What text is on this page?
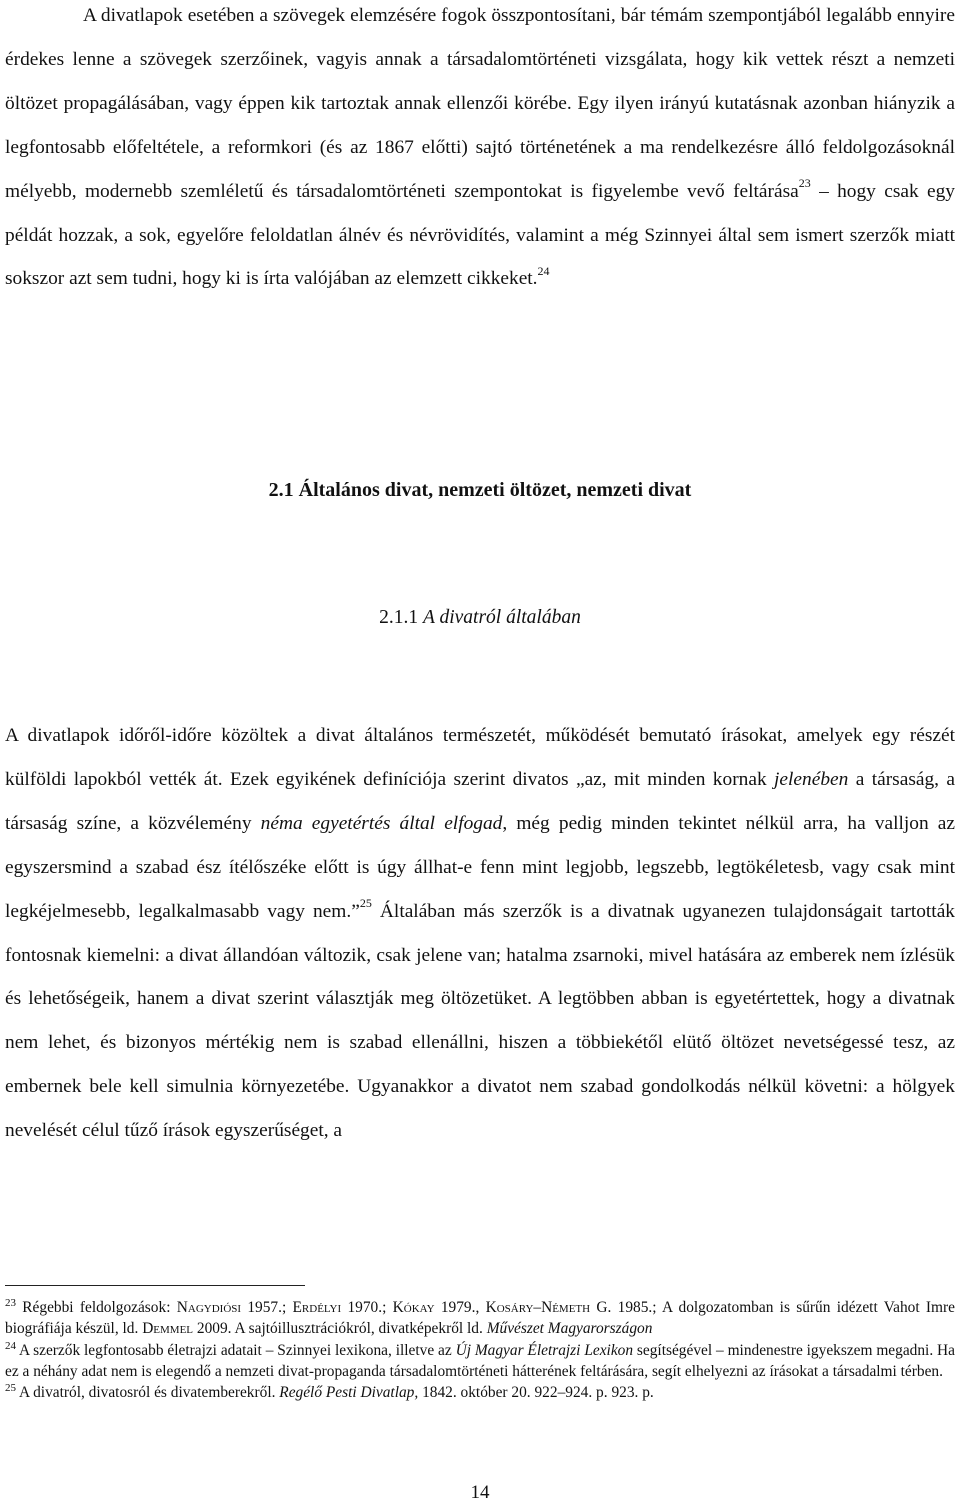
A divatlapok esetében a szövegek elemzésére fogok összpontosítani, bár témám szempontjából legalább ennyire érdekes lenne a szövegek szerzőinek, vagyis annak a társadalomtörténeti vizsgálata, hogy kik vettek részt a nemzeti öltözet propagálásában, vagy éppen kik tartoztak annak ellenzői körébe. Egy ilyen irányú kutatásnak azonban hiányzik a legfontosabb előfeltétele, a reformkori (és az 1867 előtti) sajtó történetének a ma rendelkezésre álló feldolgozásoknál mélyebb, modernebb szemléletű és társadalomtörténeti szempontokat is figyelembe vevő feltárása$^{23}$ – hogy csak egy példát hozzak, a sok, egyelőre feloldatlan álnév és névrövidítés, valamint a még Szinnyei által sem ismert szerzők miatt sokszor azt sem tudni, hogy ki is írta valójában az elemzett cikkeket.$^{24}$

2.1 Általános divat, nemzeti öltözet, nemzeti divat
2.1.1 A divatról általában

A divatlapok időről-időre közöltek a divat általános természetét, működését bemutató írásokat, amelyek egy részét külföldi lapokból vették át. Ezek egyikének definíciója szerint divatos „az, mit minden kornak jelenében a társaság, a társaság színe, a közvélemény néma egyetértés által elfogad, még pedig minden tekintet nélkül arra, ha valljon az egyszersmind a szabad ész ítélőszéke előtt is úgy állhat-e fenn mint legjobb, legszebb, legtökéletesb, vagy csak mint legkéjelmesebb, legalkalmasabb vagy nem.”$^{25}$ Általában más szerzők is a divatnak ugyanezen tulajdonságait tartották fontosnak kiemelni: a divat állandóan változik, csak jelene van; hatalma zsarnoki, mivel hatására az emberek nem ízlésük és lehetőségeik, hanem a divat szerint választják meg öltözetüket. A legtöbben abban is egyetértettek, hogy a divatnak nem lehet, és bizonyos mértékig nem is szabad ellenállni, hiszen a többiekétől elütő öltözet nevetségessé tesz, az embernek bele kell simulnia környezetébe. Ugyanakkor a divatot nem szabad gondolkodás nélkül követni: a hölgyek nevelését célul tűző írások egyszerűséget, a

$^{23}$ Régebbi feldolgozások: Nagydiósi 1957.; Erdélyi 1970.; Kókay 1979., Kosáry–Németh G. 1985.; A dolgozatomban is sűrűn idézett Vahot Imre biográfiája készül, ld. Demmel 2009. A sajtóillusztrációkról, divatképekről ld. Művészet Magyarországon

$^{24}$ A szerzők legfontosabb életrajzi adatait – Szinnyei lexikona, illetve az Új Magyar Életrajzi Lexikon segítségével – mindenestre igyekszem megadni. Ha ez a néhány adat nem is elegendő a nemzeti divat-propaganda társadalomtörténeti hátterének feltárására, segít elhelyezni az írásokat a társadalmi térben.

$^{25}$ A divatról, divatosról és divatemberekről. Regélő Pesti Divatlap, 1842. október 20. 922–924. p. 923. p.

14
